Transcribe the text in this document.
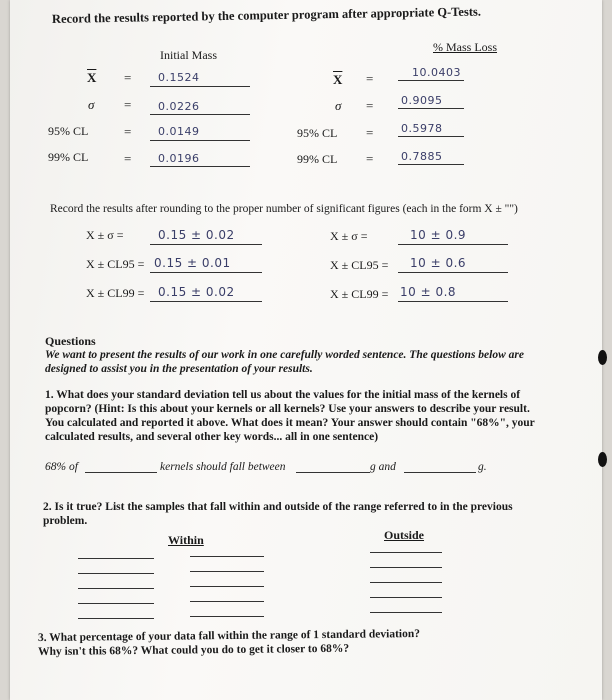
Record the results reported by the computer program after appropriate Q-Tests.
Initial Mass
% Mass Loss
$\overline{X} = 0.1524$	$\overline{X}$ =	10.0403
σ = 0.0226	σ =	0.9095
95% CL	= 0.0149	95% CL =	0.5978
99% CL	= 0.0196	99% CL =	0.7885
Record the results after rounding to the proper number of significant figures (each in the form X ± "")
X ± σ =	0.15 ± 0.02	X ± σ =	10 ± 0.9
X ± CL95 = 0.15 ± 0.01	X ± CL95 = 10 ± 0.6
X ± CL99 = 0.15 ± 0.02	X ± CL99 = 10 ± 0.8
Questions
We want to present the results of our work in one carefully worded sentence. The questions below are
designed to assist you in the presentation of your results.
1. What does your standard deviation tell us about the values for the initial mass of the kernels of
popcorn? (Hint: Is this about your kernels or all kernels? Use your answers to describe your result.
You calculated and reported it above. What does it mean? Your answer should contain "68%", your
calculated results, and several other key words... all in one sentence)
68% of	kernels should fall between	g and	g.
2. Is it true? List the samples that fall within and outside of the range referred to in the previous
problem.
Within	Outside
3. What percentage of your data fall within the range of 1 standard deviation?
Why isn't this 68%? What could you do to get it closer to 68%?
